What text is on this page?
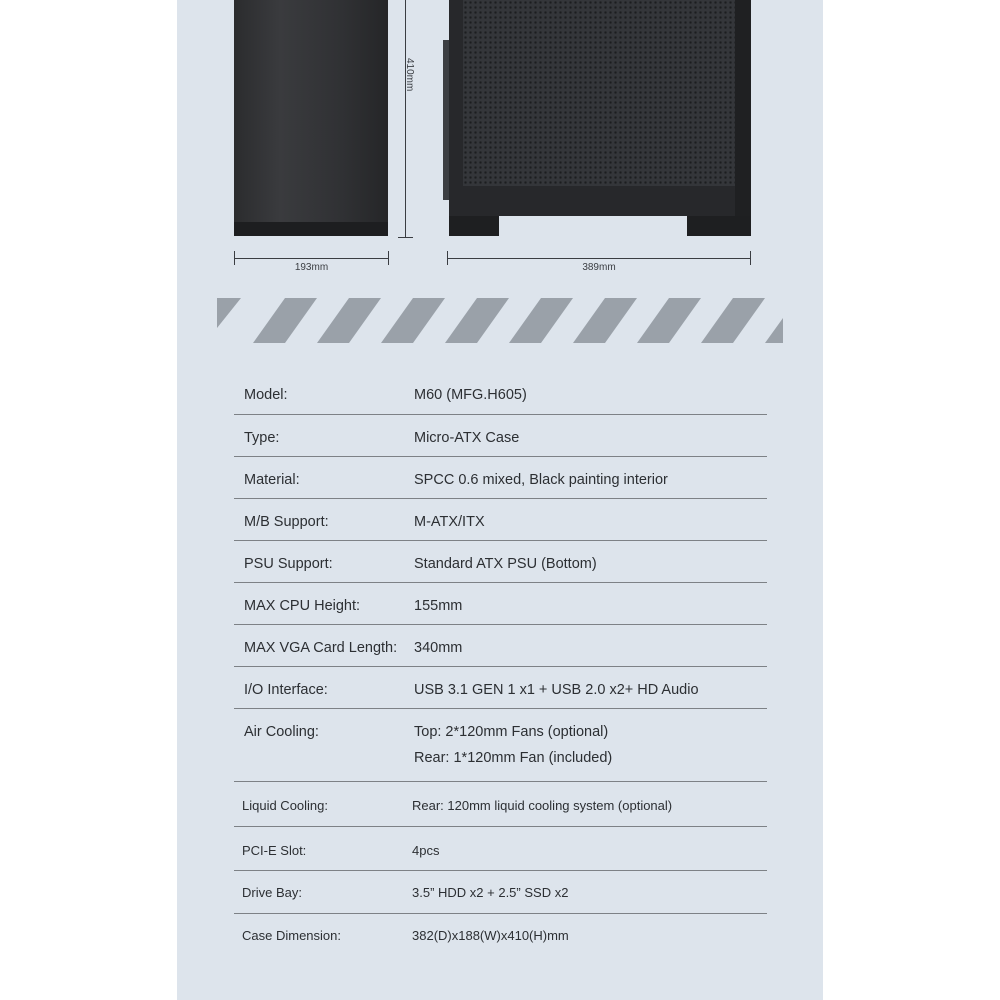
410mm
193mm	389mm
Model:	M60 (MFG.H605)
Type:	Micro-ATX Case
Material:	SPCC 0.6 mixed, Black painting interior
M/B Support:	M-ATX/ITX
PSU Support:	Standard ATX PSU (Bottom)
MAX CPU Height:	155mm
MAX VGA Card Length:	340mm
I/O Interface:	USB 3.1 GEN 1 x1 + USB 2.0 x2+ HD Audio
Air Cooling:	Top: 2*120mm Fans (optional)
Rear: 1*120mm Fan (included)
Liquid Cooling:	Rear: 120mm liquid cooling system (optional)
PCI-E Slot:	4pcs
Drive Bay:	3.5” HDD x2 + 2.5” SSD x2
Case Dimension:	382(D)x188(W)x410(H)mm
